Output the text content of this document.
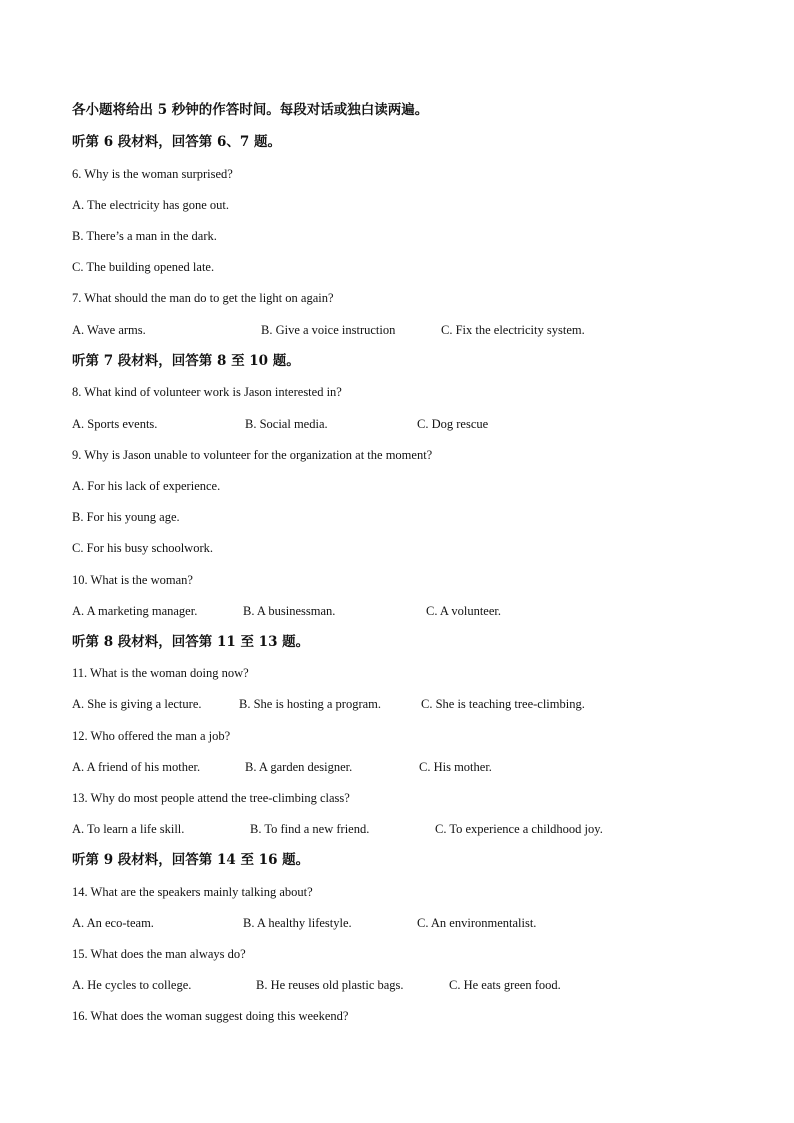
各小题将给出 5 秒钟的作答时间。每段对话或独白读两遍。
听第 6 段材料，回答第 6、7 题。
6. Why is the woman surprised?
A. The electricity has gone out.
B. There’s a man in the dark.
C. The building opened late.
7. What should the man do to get the light on again?
A. Wave arms.	B. Give a voice instruction	C. Fix the electricity system.
听第 7 段材料，回答第 8 至 10 题。
8. What kind of volunteer work is Jason interested in?
A. Sports events.	B. Social media.	C. Dog rescue
9. Why is Jason unable to volunteer for the organization at the moment?
A. For his lack of experience.
B. For his young age.
C. For his busy schoolwork.
10. What is the woman?
A. A marketing manager.	B. A businessman.	C. A volunteer.
听第 8 段材料，回答第 11 至 13 题。
11. What is the woman doing now?
A. She is giving a lecture.	B. She is hosting a program.	C. She is teaching tree-climbing.
12. Who offered the man a job?
A. A friend of his mother.	B. A garden designer.	C. His mother.
13. Why do most people attend the tree-climbing class?
A. To learn a life skill.	B. To find a new friend.	C. To experience a childhood joy.
听第 9 段材料，回答第 14 至 16 题。
14. What are the speakers mainly talking about?
A. An eco-team.	B. A healthy lifestyle.	C. An environmentalist.
15. What does the man always do?
A. He cycles to college.	B. He reuses old plastic bags.	C. He eats green food.
16. What does the woman suggest doing this weekend?
